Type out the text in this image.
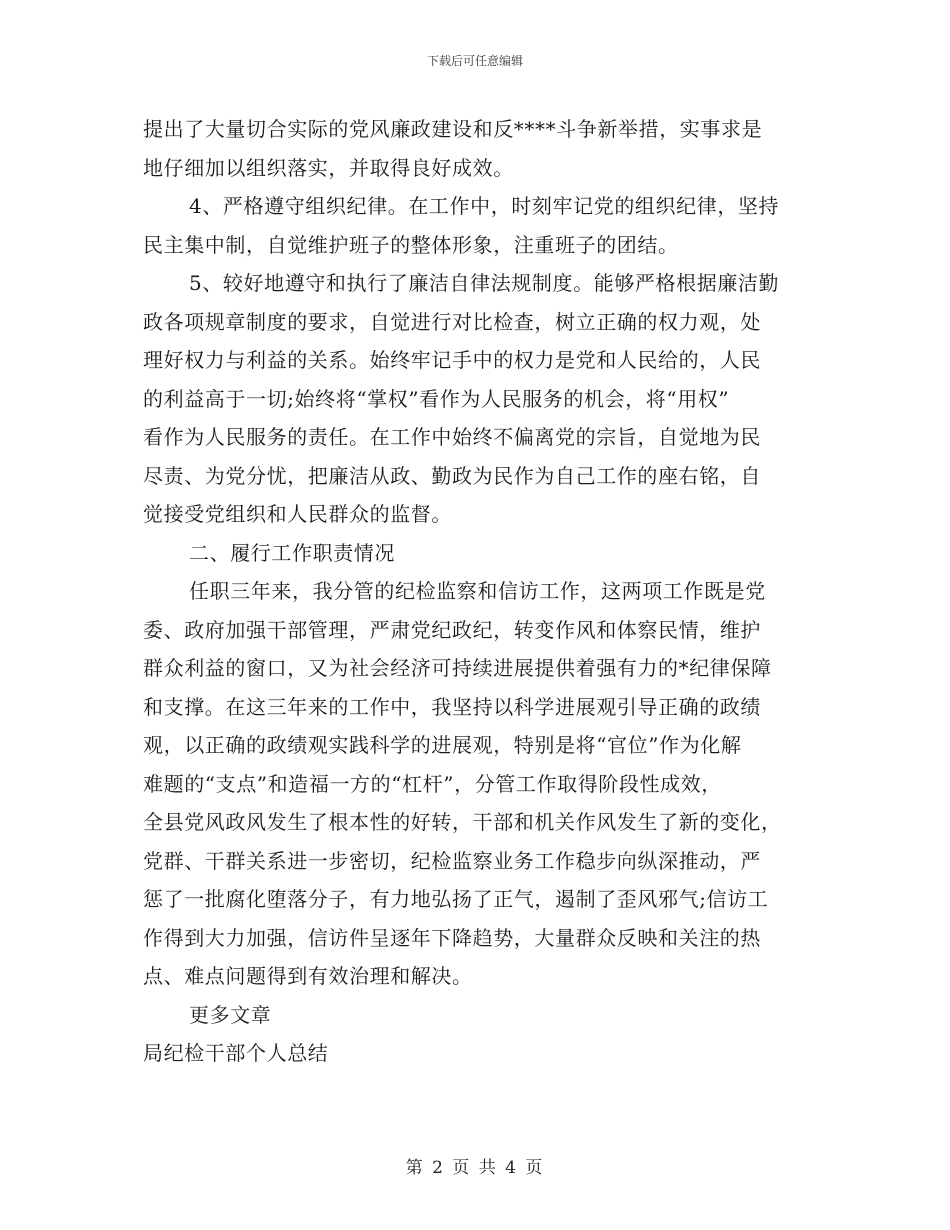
下载后可任意编辑
提出了大量切合实际的党风廉政建设和反****斗争新举措，实事求是
地仔细加以组织落实，并取得良好成效。
4、严格遵守组织纪律。在工作中，时刻牢记党的组织纪律，坚持
民主集中制，自觉维护班子的整体形象，注重班子的团结。
5、较好地遵守和执行了廉洁自律法规制度。能够严格根据廉洁勤
政各项规章制度的要求，自觉进行对比检查，树立正确的权力观，处
理好权力与利益的关系。始终牢记手中的权力是党和人民给的，人民
的利益高于一切;始终将“掌权”看作为人民服务的机会，将“用权”
看作为人民服务的责任。在工作中始终不偏离党的宗旨，自觉地为民
尽责、为党分忧，把廉洁从政、勤政为民作为自己工作的座右铭，自
觉接受党组织和人民群众的监督。
二、履行工作职责情况
任职三年来，我分管的纪检监察和信访工作，这两项工作既是党
委、政府加强干部管理，严肃党纪政纪，转变作风和体察民情，维护
群众利益的窗口，又为社会经济可持续进展提供着强有力的*纪律保障
和支撑。在这三年来的工作中，我坚持以科学进展观引导正确的政绩
观，以正确的政绩观实践科学的进展观，特别是将“官位”作为化解
难题的“支点”和造福一方的“杠杆”，分管工作取得阶段性成效，
全县党风政风发生了根本性的好转，干部和机关作风发生了新的变化，
党群、干群关系进一步密切，纪检监察业务工作稳步向纵深推动，严
惩了一批腐化堕落分子，有力地弘扬了正气，遏制了歪风邪气;信访工
作得到大力加强，信访件呈逐年下降趋势，大量群众反映和关注的热
点、难点问题得到有效治理和解决。
更多文章
局纪检干部个人总结
第 2 页 共 4 页
